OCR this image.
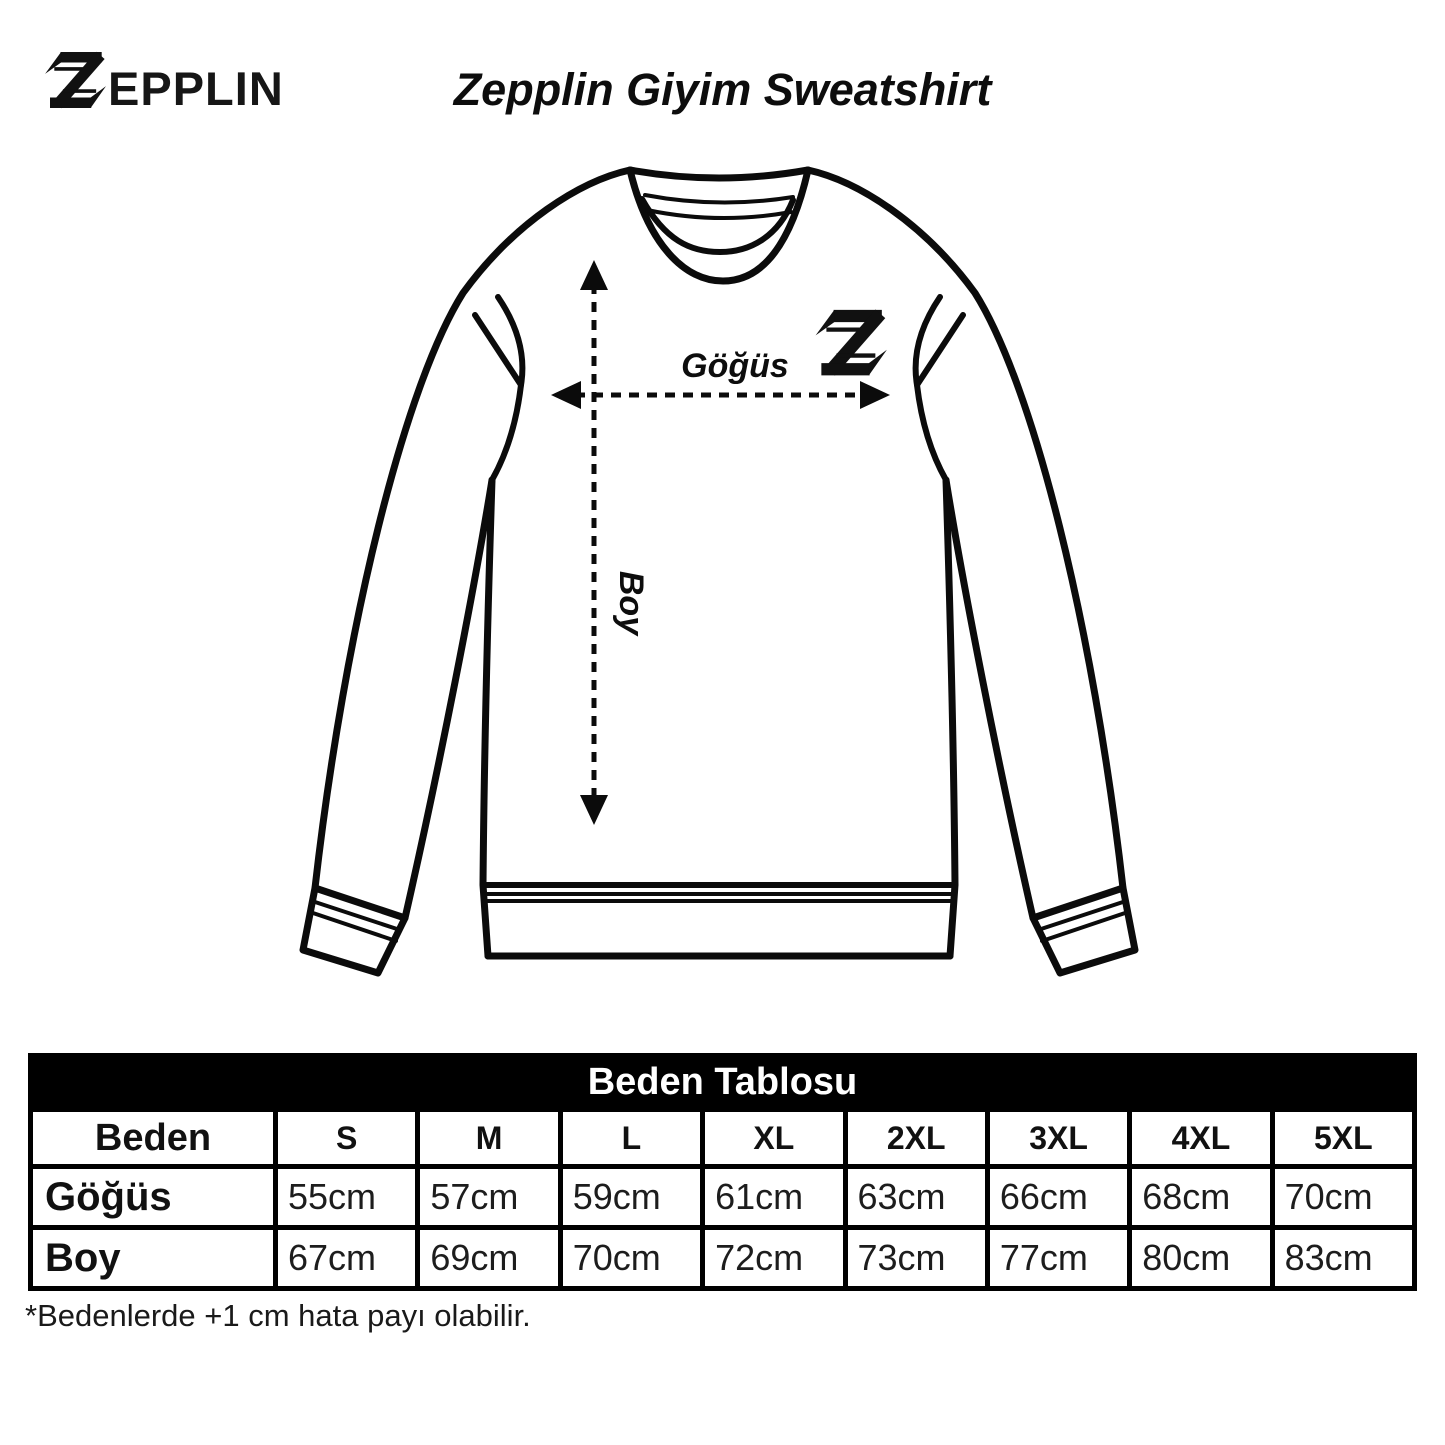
EPPLIN	Zepplin Giyim Sweatshirt
Göğüs
Boy
Beden Tablosu
Beden	S	M	L	XL	2XL	3XL	4XL	5XL
Göğüs	55cm	57cm	59cm	61cm	63cm	66cm	68cm	70cm
Boy	67cm	69cm	70cm	72cm	73cm	77cm	80cm	83cm
*Bedenlerde +1 cm hata payı olabilir.
